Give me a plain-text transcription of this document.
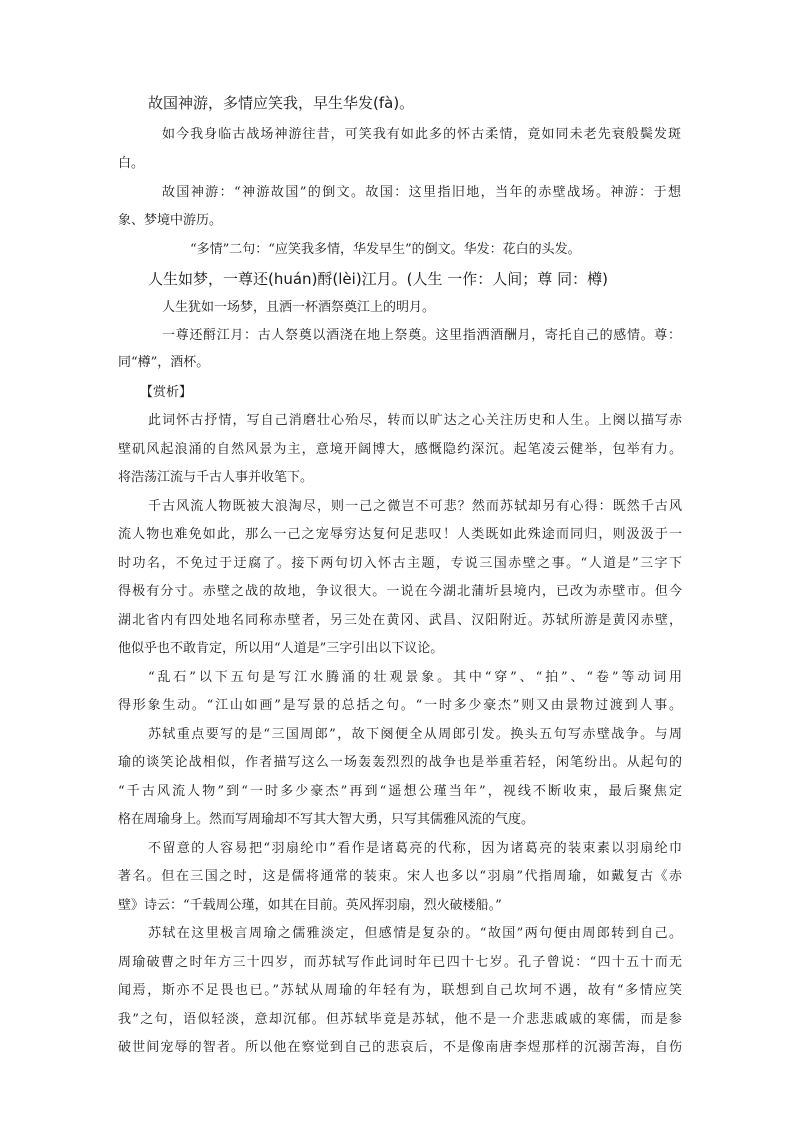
故国神游，多情应笑我，早生华发(fà)。
如今我身临古战场神游往昔，可笑我有如此多的怀古柔情，竟如同未老先衰般鬓发斑
白。
故国神游：“神游故国”的倒文。故国：这里指旧地，当年的赤壁战场。神游：于想
象、梦境中游历。
“多情”二句：“应笑我多情，华发早生”的倒文。华发：花白的头发。
人生如梦，一尊还(huán)酹(lèi)江月。(人生 一作：人间；尊 同：樽)
人生犹如一场梦，且洒一杯酒祭奠江上的明月。
一尊还酹江月：古人祭奠以酒浇在地上祭奠。这里指洒酒酬月，寄托自己的感情。尊：
同“樽”，酒杯。
【赏析】
此词怀古抒情，写自己消磨壮心殆尽，转而以旷达之心关注历史和人生。上阕以描写赤
壁矶风起浪涌的自然风景为主，意境开阔博大，感慨隐约深沉。起笔凌云健举，包举有力。
将浩荡江流与千古人事并收笔下。
千古风流人物既被大浪淘尽，则一己之微岂不可悲？然而苏轼却另有心得：既然千古风
流人物也难免如此，那么一己之宠辱穷达复何足悲叹！人类既如此殊途而同归，则汲汲于一
时功名，不免过于迂腐了。接下两句切入怀古主题，专说三国赤壁之事。“人道是”三字下
得极有分寸。赤壁之战的故地，争议很大。一说在今湖北蒲圻县境内，已改为赤壁市。但今
湖北省内有四处地名同称赤壁者，另三处在黄冈、武昌、汉阳附近。苏轼所游是黄冈赤壁，
他似乎也不敢肯定，所以用“人道是”三字引出以下议论。
“乱石”以下五句是写江水腾涌的壮观景象。其中“穿”、“拍”、“卷”等动词用
得形象生动。“江山如画”是写景的总括之句。“一时多少豪杰”则又由景物过渡到人事。
苏轼重点要写的是“三国周郎”，故下阕便全从周郎引发。换头五句写赤壁战争。与周
瑜的谈笑论战相似，作者描写这么一场轰轰烈烈的战争也是举重若轻，闲笔纷出。从起句的
“千古风流人物”到“一时多少豪杰”再到“遥想公瑾当年”，视线不断收束，最后聚焦定
格在周瑜身上。然而写周瑜却不写其大智大勇，只写其儒雅风流的气度。
不留意的人容易把“羽扇纶巾”看作是诸葛亮的代称，因为诸葛亮的装束素以羽扇纶巾
著名。但在三国之时，这是儒将通常的装束。宋人也多以“羽扇”代指周瑜，如戴复古《赤
壁》诗云：“千载周公瑾，如其在目前。英风挥羽扇，烈火破楼船。”
苏轼在这里极言周瑜之儒雅淡定，但感情是复杂的。“故国”两句便由周郎转到自己。
周瑜破曹之时年方三十四岁，而苏轼写作此词时年已四十七岁。孔子曾说：“四十五十而无
闻焉，斯亦不足畏也已。”苏轼从周瑜的年轻有为，联想到自己坎坷不遇，故有“多情应笑
我”之句，语似轻淡，意却沉郁。但苏轼毕竟是苏轼，他不是一介悲悲戚戚的寒儒，而是参
破世间宠辱的智者。所以他在察觉到自己的悲哀后，不是像南唐李煜那样的沉溺苦海，自伤
